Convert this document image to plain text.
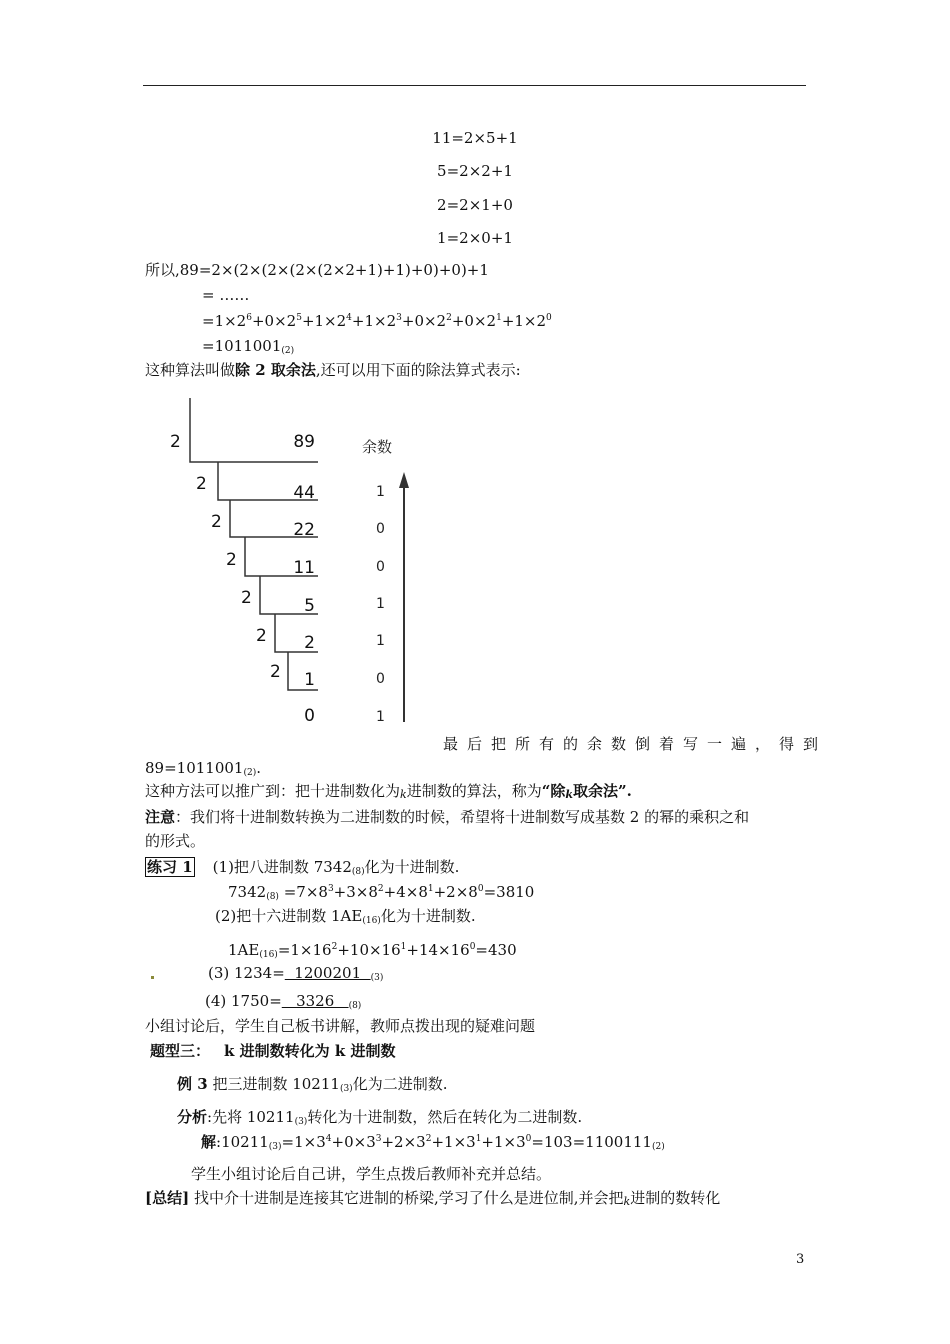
11=2×5+1
5=2×2+1
2=2×1+0
1=2×0+1
所以,89=2×(2×(2×(2×(2×2+1)+1)+0)+0)+1
= ……
$=1\times 2^6+0\times 2^5+1\times 2^4+1\times 2^3+0\times 2^2+0\times 2^1+1\times 2^0$
$=1011001_{(2)}$
这种算法叫做除 2 取余法,还可以用下面的除法算式表示:
2
2
2
2
2
2
2
89
44
22
11
5
2
1
0
余数
1
0
0
1
1
0
1
最后把所有的余数倒着写一遍，得到
$89=1011001_{(2)}$.
这种方法可以推广到：把十进制数化为$_k$进制数的算法，称为“除$_k$取余法”.
注意：我们将十进制数转换为二进制数的时候，希望将十进制数写成基数 2 的幂的乘积之和
的形式。
练习 1 (1)把八进制数 $7342_{(8)}$化为十进制数.
$7342_{(8)} =7\times 8^3+3\times 8^2+4\times 8^1+2\times 8^0=3810$
(2)把十六进制数 $1AE_{(16)}$化为十进制数.
$1AE_{(16)}=1\times 16^2+10\times 16^1+14\times 16^0=430$
(3) 1234=  1200201  $_{(3)}$
(4) 1750=   3326   $_{(8)}$
小组讨论后，学生自己板书讲解，教师点拨出现的疑难问题
题型三： k 进制数转化为 k 进制数
例 3 把三进制数 $10211_{(3)}$化为二进制数.
分析:先将 $10211_{(3)}$转化为十进制数，然后在转化为二进制数.
解$:10211_{(3)}=1\times 3^4+0\times 3^3+2\times 3^2+1\times 3^1+1\times 3^0=103=1100111_{(2)}$
学生小组讨论后自己讲，学生点拨后教师补充并总结。
[总结] 找中介十进制是连接其它进制的桥梁,学习了什么是进位制,并会把$_k$进制的数转化
3
